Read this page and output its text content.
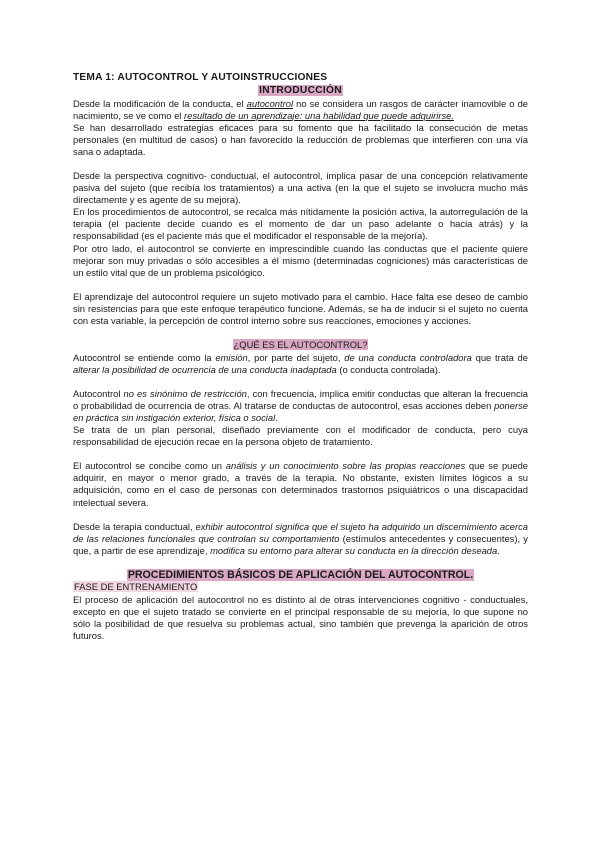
TEMA 1: AUTOCONTROL Y AUTOINSTRUCCIONES
INTRODUCCIÓN

Desde la modificación de la conducta, el autocontrol no se considera un rasgos de carácter inamovible o de nacimiento, se ve como el resultado de un aprendizaje: una habilidad que puede adquirirse.

Se han desarrollado estrategias eficaces para su fomento que ha facilitado la consecución de metas personales (en multitud de casos) o han favorecido la reducción de problemas que interfieren con una vía sana o adaptada.

Desde la perspectiva cognitivo- conductual, el autocontrol, implica pasar de una concepción relativamente pasiva del sujeto (que recibía los tratamientos) a una activa (en la que el sujeto se involucra mucho más directamente y es agente de su mejora).

En los procedimientos de autocontrol, se recalca más nítidamente la posición activa, la autorregulación de la terapia (el paciente decide cuando es el momento de dar un paso adelante o hacia atrás) y la responsabilidad (es el paciente más que el modificador el responsable de la mejoría).

Por otro lado, el autocontrol se convierte en imprescindible cuando las conductas que el paciente quiere mejorar son muy privadas o sólo accesibles a él mismo (determinadas cogniciones) más características de un estilo vital que de un problema psicológico.

El aprendizaje del autocontrol requiere un sujeto motivado para el cambio. Hace falta ese deseo de cambio sin resistencias para que este enfoque terapéutico funcione. Además, se ha de inducir si el sujeto no cuenta con esta variable, la percepción de control interno sobre sus reacciones, emociones y acciones.

¿QUÉ ES EL AUTOCONTROL?

Autocontrol se entiende como la emisión, por parte del sujeto, de una conducta controladora que trata de alterar la posibilidad de ocurrencia de una conducta inadaptada (o conducta controlada).

Autocontrol no es sinónimo de restricción, con frecuencia, implica emitir conductas que alteran la frecuencia o probabilidad de ocurrencia de otras. Al tratarse de conductas de autocontrol, esas acciones deben ponerse en práctica sin instigación exterior, física o social.

Se trata de un plan personal, diseñado previamente con el modificador de conducta, pero cuya responsabilidad de ejecución recae en la persona objeto de tratamiento.

El autocontrol se concibe como un análisis y un conocimiento sobre las propias reacciones que se puede adquirir, en mayor o menor grado, a través de la terapia. No obstante, existen límites lógicos a su adquisición, como en el caso de personas con determinados trastornos psiquiátricos o una discapacidad intelectual severa.

Desde la terapia conductual, exhibir autocontrol significa que el sujeto ha adquirido un discernimiento acerca de las relaciones funcionales que controlan su comportamiento (estímulos antecedentes y consecuentes), y que, a partir de ese aprendizaje, modifica su entorno para alterar su conducta en la dirección deseada.

PROCEDIMIENTOS BÁSICOS DE APLICACIÓN DEL AUTOCONTROL.
FASE DE ENTRENAMIENTO

El proceso de aplicación del autocontrol no es distinto al de otras intervenciones cognitivo - conductuales, excepto en que el sujeto tratado se convierte en el principal responsable de su mejoría, lo que supone no sólo la posibilidad de que resuelva su problemas actual, sino también que prevenga la aparición de otros futuros.
